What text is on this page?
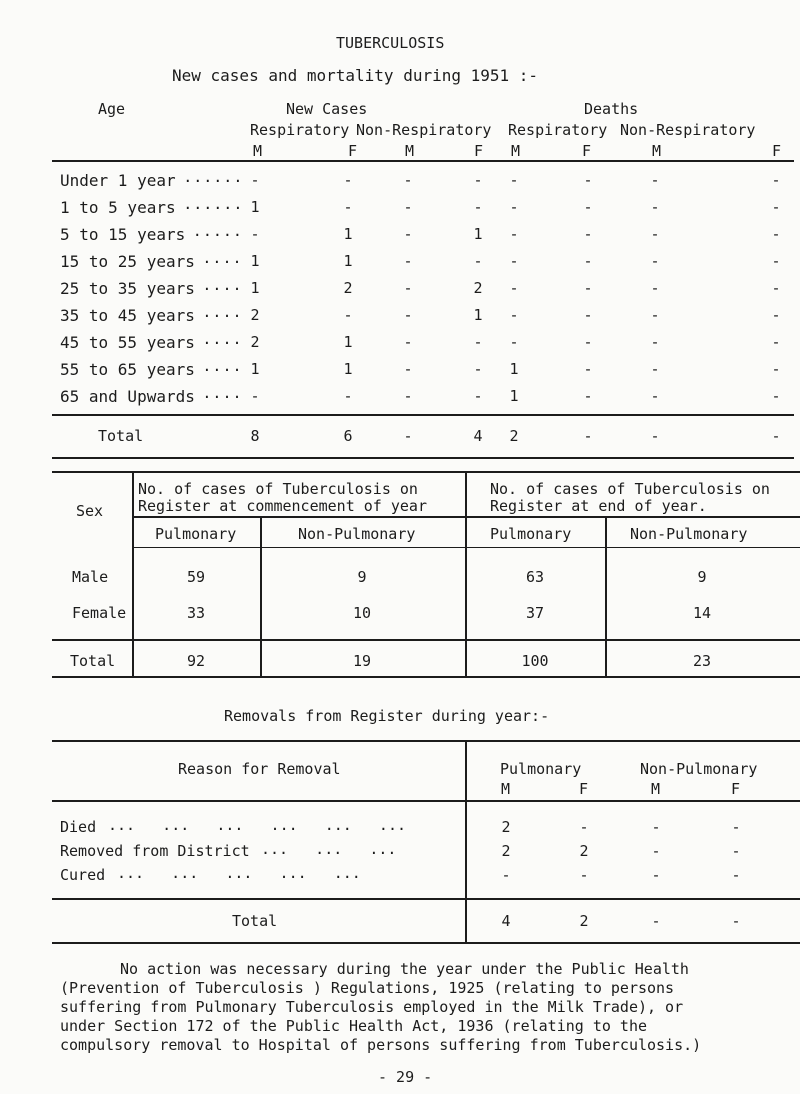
TUBERCULOSIS
New cases and mortality during 1951 :-
Age	New Cases	Deaths
Respiratory Non-Respiratory Respiratory Non-Respiratory
M	F	M	F M	F	M	F
Under 1 year ...... -	-	-	-	-	-	-	-
1 to 5 years ...... 1	-	-	-	-	-	-	-
5 to 15 years ..... -	1	-	1	-	-	-	-
15 to 25 years .... 1	1	-	-	-	-	-	-
25 to 35 years .... 1	2	-	2	-	-	-	-
35 to 45 years .... 2	-	-	1	-	-	-	-
45 to 55 years .... 2	1	-	-	-	-	-	-
55 to 65 years .... 1	1	-	-	1	-	-	-
65 and Upwards .... -	-	-	-	1	-	-	-
Total	8	6	-	4	2	-	-	-
Sex
No. of cases of Tuberculosis on
Register at commencement of year
No. of cases of Tuberculosis on
Register at end of year.
Pulmonary	Non-Pulmonary	Pulmonary	Non-Pulmonary
Male	59	9	63	9
Female	33	10	37	14
Total	92	19	100	23
Removals from Register during year:-
Reason for Removal	Pulmonary	Non-Pulmonary
M	F	M	F
Died ...   ...   ...   ...   ...   ...	2	-	-	-
Removed from District ...   ...   ...	2	2	-	-
Cured ...   ...   ...   ...   ...	-	-	-	-
Total	4	2	-	-
No action was necessary during the year under the Public Health
(Prevention of Tuberculosis ) Regulations, 1925 (relating to persons
suffering from Pulmonary Tuberculosis employed in the Milk Trade), or
under Section 172 of the Public Health Act, 1936 (relating to the
compulsory removal to Hospital of persons suffering from Tuberculosis.)
- 29 -
